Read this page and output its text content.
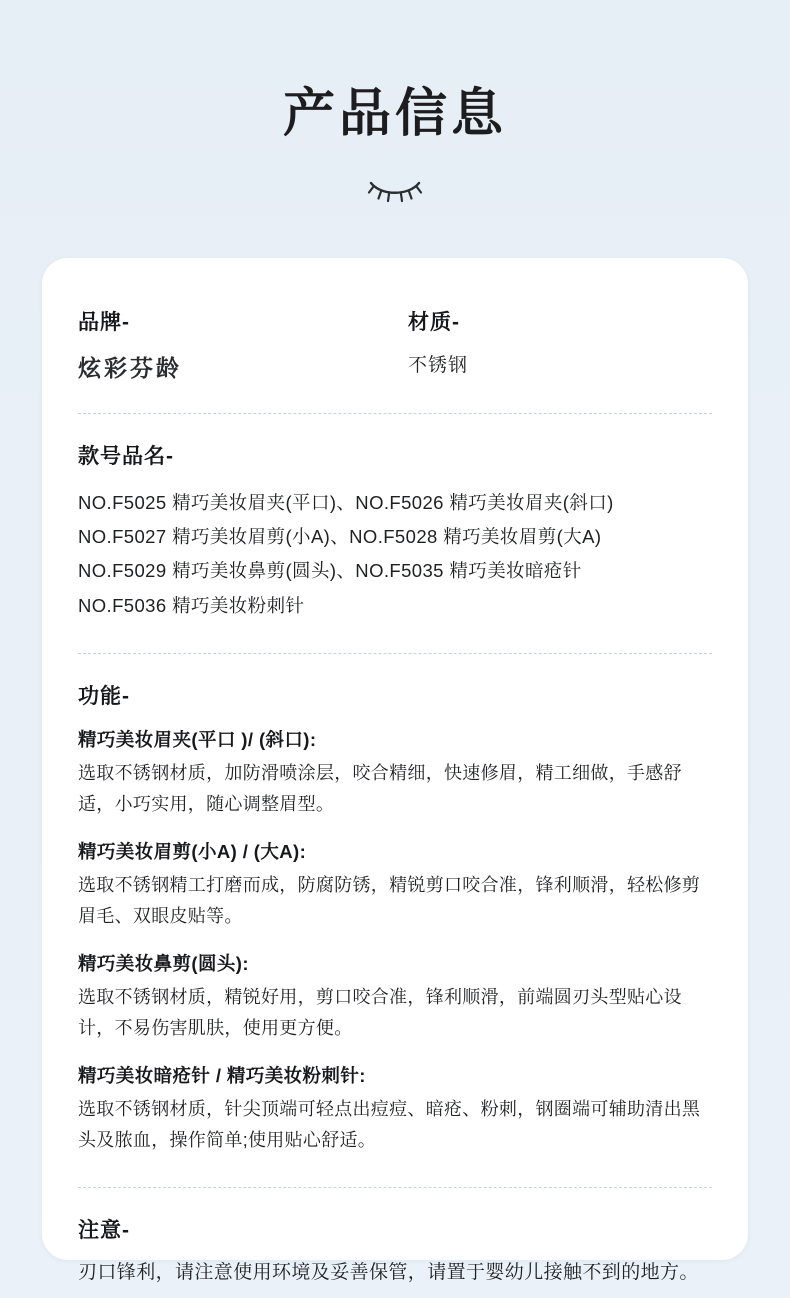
产品信息
品牌-
炫彩芬龄
材质-
不锈钢
款号品名-
NO.F5025 精巧美妆眉夹(平口)、NO.F5026 精巧美妆眉夹(斜口)
NO.F5027 精巧美妆眉剪(小A)、NO.F5028 精巧美妆眉剪(大A)
NO.F5029 精巧美妆鼻剪(圆头)、NO.F5035 精巧美妆暗疮针
NO.F5036 精巧美妆粉刺针
功能-
精巧美妆眉夹(平口 )/ (斜口):
选取不锈钢材质，加防滑喷涂层，咬合精细，快速修眉，精工细做，手感舒适，小巧实用，随心调整眉型。
精巧美妆眉剪(小A) / (大A):
选取不锈钢精工打磨而成，防腐防锈，精锐剪口咬合准，锋利顺滑，轻松修剪眉毛、双眼皮贴等。
精巧美妆鼻剪(圆头):
选取不锈钢材质，精锐好用，剪口咬合准，锋利顺滑，前端圆刃头型贴心设计，不易伤害肌肤，使用更方便。
精巧美妆暗疮针 / 精巧美妆粉刺针:
选取不锈钢材质，针尖顶端可轻点出痘痘、暗疮、粉刺，钢圈端可辅助清出黑头及脓血，操作简单;使用贴心舒适。
注意-
刃口锋利，请注意使用环境及妥善保管，请置于婴幼儿接触不到的地方。
